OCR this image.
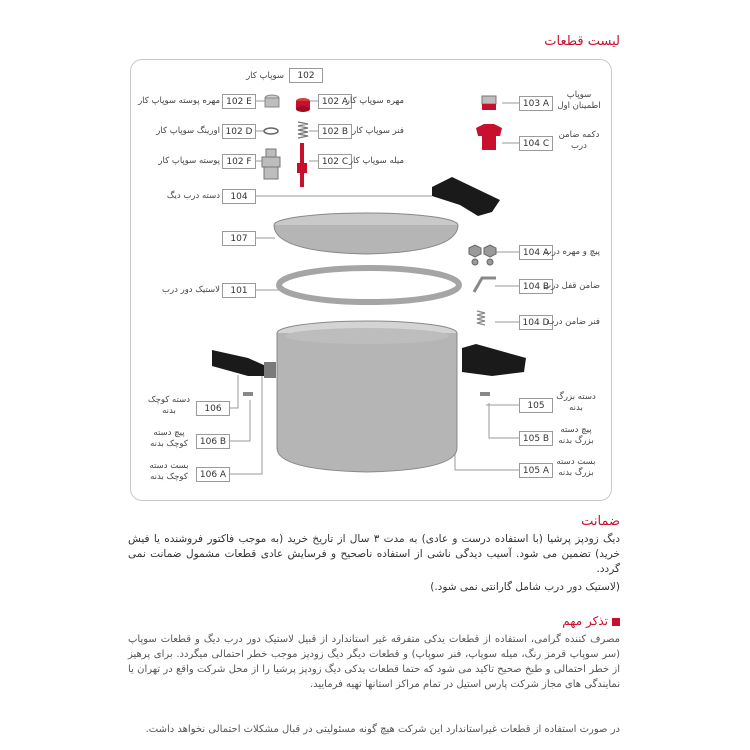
لیست قطعات
102
سوپاپ کار
102 E
مهره پوسته سوپاپ کار	102 A
مهره سوپاپ کار
102 D
اورینگ سوپاپ کار	102 B فنر سوپاپ کار
102 F
پوسته سوپاپ کار	102 C میله سوپاپ کار
104
دسته درب دیگ
107
101
لاستیک دور درب
106
دسته کوچک بدنه
106 B
پیچ دسته کوچک بدنه
106 A
بست دسته کوچک بدنه
103 A
سوپاپ اطمینان اول
104 C
دکمه ضامن درب
104 A
پیچ و مهره درب
104 B
ضامن قفل درب
104 D
فنر ضامن درب
105
دسته بزرگ بدنه
105 B
پیچ دسته بزرگ بدنه
105 A
بست دسته بزرگ بدنه
ضمانت
دیگ زودپز پرشیا (با استفاده درست و عادی) به مدت ۳ سال از تاریخ خرید (به موجب فاکتور فروشنده یا فیش خرید) تضمین می شود. آسیب دیدگی ناشی از استفاده ناصحیح و فرسایش عادی قطعات مشمول ضمانت نمی گردد.
(لاستیک دور درب شامل گارانتی نمی شود.)
تذکر مهم
مصرف کننده گرامی، استفاده از قطعات یدکی متفرقه غیر استاندارد از قبیل لاستیک دور درب دیگ و قطعات سوپاپ (سر سوپاپ قرمز رنگ، میله سوپاپ، فنر سوپاپ) و قطعات دیگر دیگ زودپز موجب خطر احتمالی میگردد. برای پرهیز از خطر احتمالی و طبخ صحیح تاکید می شود که حتما قطعات یدکی دیگ زودپز پرشیا را از محل شرکت واقع در تهران یا نمایندگی های مجاز شرکت پارس استیل در تمام مراکز استانها تهیه فرمایید.
در صورت استفاده از قطعات غیراستاندارد این شرکت هیچ گونه مسئولیتی در قبال مشکلات احتمالی نخواهد داشت.
